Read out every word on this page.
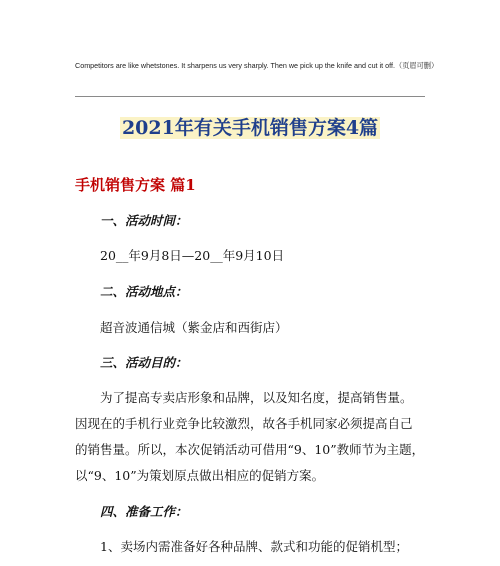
Competitors are like whetstones. It sharpens us very sharply. Then we pick up the knife and cut it off.（页眉可删）
2021年有关手机销售方案4篇
手机销售方案 篇1
一、活动时间：
20__年9月8日—20__年9月10日
二、活动地点：
超音波通信城（紫金店和西街店）
三、活动目的：
为了提高专卖店形象和品牌，以及知名度，提高销售量。
因现在的手机行业竞争比较激烈，故各手机同家必须提高自己
的销售量。所以，本次促销活动可借用“9、10”教师节为主题，
以“9、10”为策划原点做出相应的促销方案。
四、准备工作：
1、卖场内需准备好各种品牌、款式和功能的促销机型；
